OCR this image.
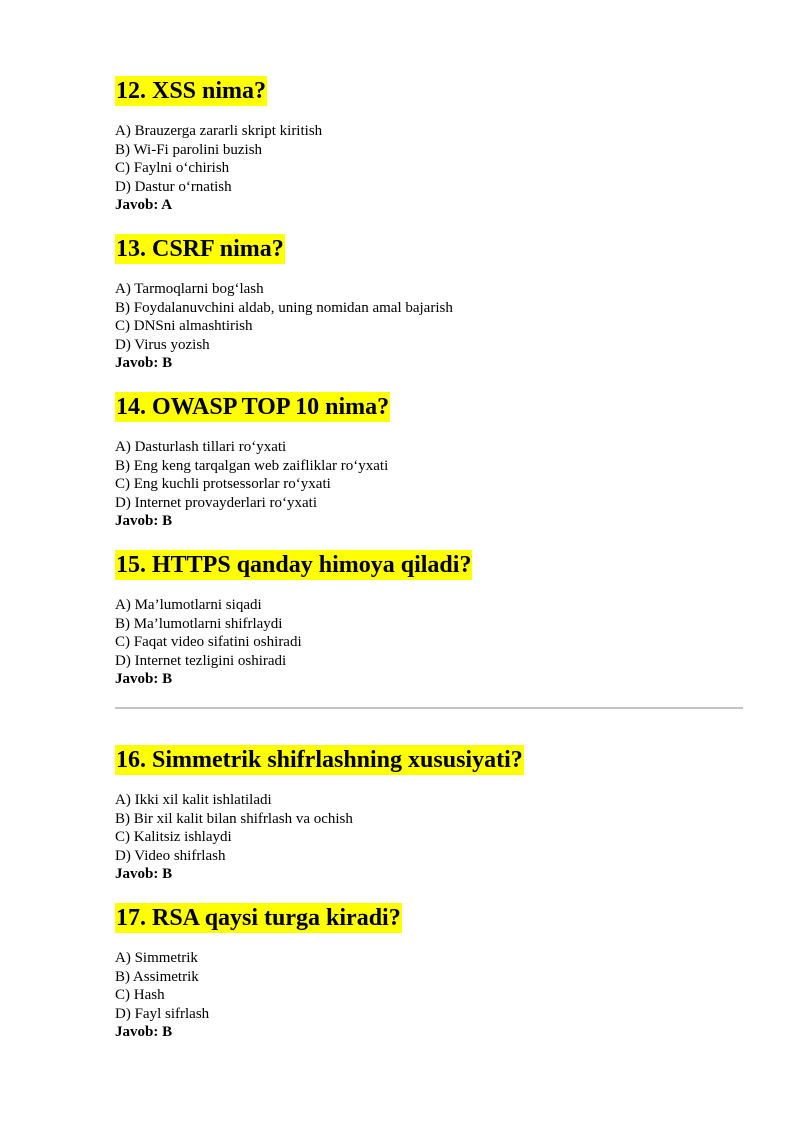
12. XSS nima?
A) Brauzerga zararli skript kiritish
B) Wi-Fi parolini buzish
C) Faylni o‘chirish
D) Dastur o‘rnatish
Javob: A
13. CSRF nima?
A) Tarmoqlarni bog‘lash
B) Foydalanuvchini aldab, uning nomidan amal bajarish
C) DNSni almashtirish
D) Virus yozish
Javob: B
14. OWASP TOP 10 nima?
A) Dasturlash tillari ro‘yxati
B) Eng keng tarqalgan web zaifliklar ro‘yxati
C) Eng kuchli protsessorlar ro‘yxati
D) Internet provayderlari ro‘yxati
Javob: B
15. HTTPS qanday himoya qiladi?
A) Ma’lumotlarni siqadi
B) Ma’lumotlarni shifrlaydi
C) Faqat video sifatini oshiradi
D) Internet tezligini oshiradi
Javob: B
16. Simmetrik shifrlashning xususiyati?
A) Ikki xil kalit ishlatiladi
B) Bir xil kalit bilan shifrlash va ochish
C) Kalitsiz ishlaydi
D) Video shifrlash
Javob: B
17. RSA qaysi turga kiradi?
A) Simmetrik
B) Assimetrik
C) Hash
D) Fayl sifrlash
Javob: B
